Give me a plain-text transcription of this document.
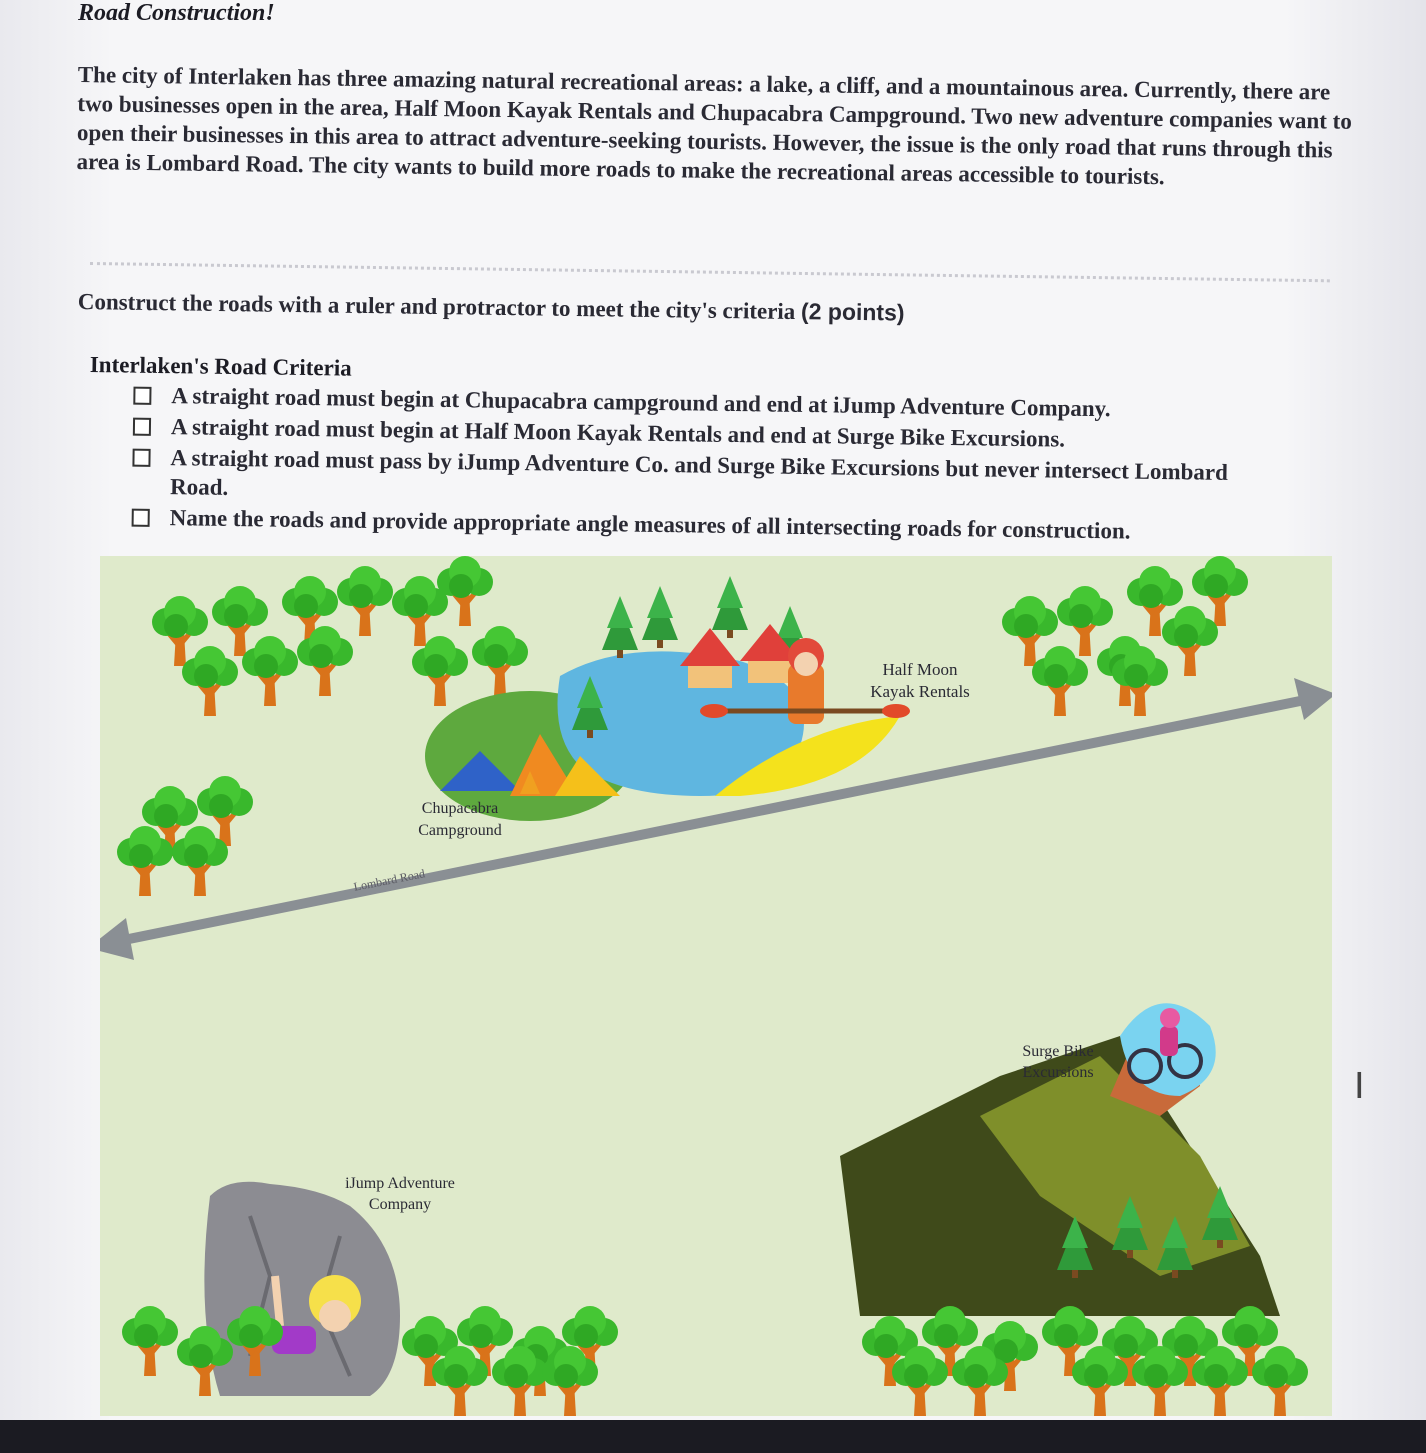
Road Construction!
The city of Interlaken has three amazing natural recreational areas: a lake, a cliff, and a mountainous area. Currently, there are two businesses open in the area, Half Moon Kayak Rentals and Chupacabra Campground. Two new adventure companies want to open their businesses in this area to attract adventure-seeking tourists. However, the issue is the only road that runs through this area is Lombard Road. The city wants to build more roads to make the recreational areas accessible to tourists.
Construct the roads with a ruler and protractor to meet the city's criteria (2 points)
Interlaken's Road Criteria
A straight road must begin at Chupacabra campground and end at iJump Adventure Company.
A straight road must begin at Half Moon Kayak Rentals and end at Surge Bike Excursions.
A straight road must pass by iJump Adventure Co. and Surge Bike Excursions but never intersect Lombard Road.
Name the roads and provide appropriate angle measures of all intersecting roads for construction.
Half Moon
Kayak Rentals
Chupacabra
Campground
Lombard Road
Surge Bike
Excursions
iJump Adventure
Company
I
